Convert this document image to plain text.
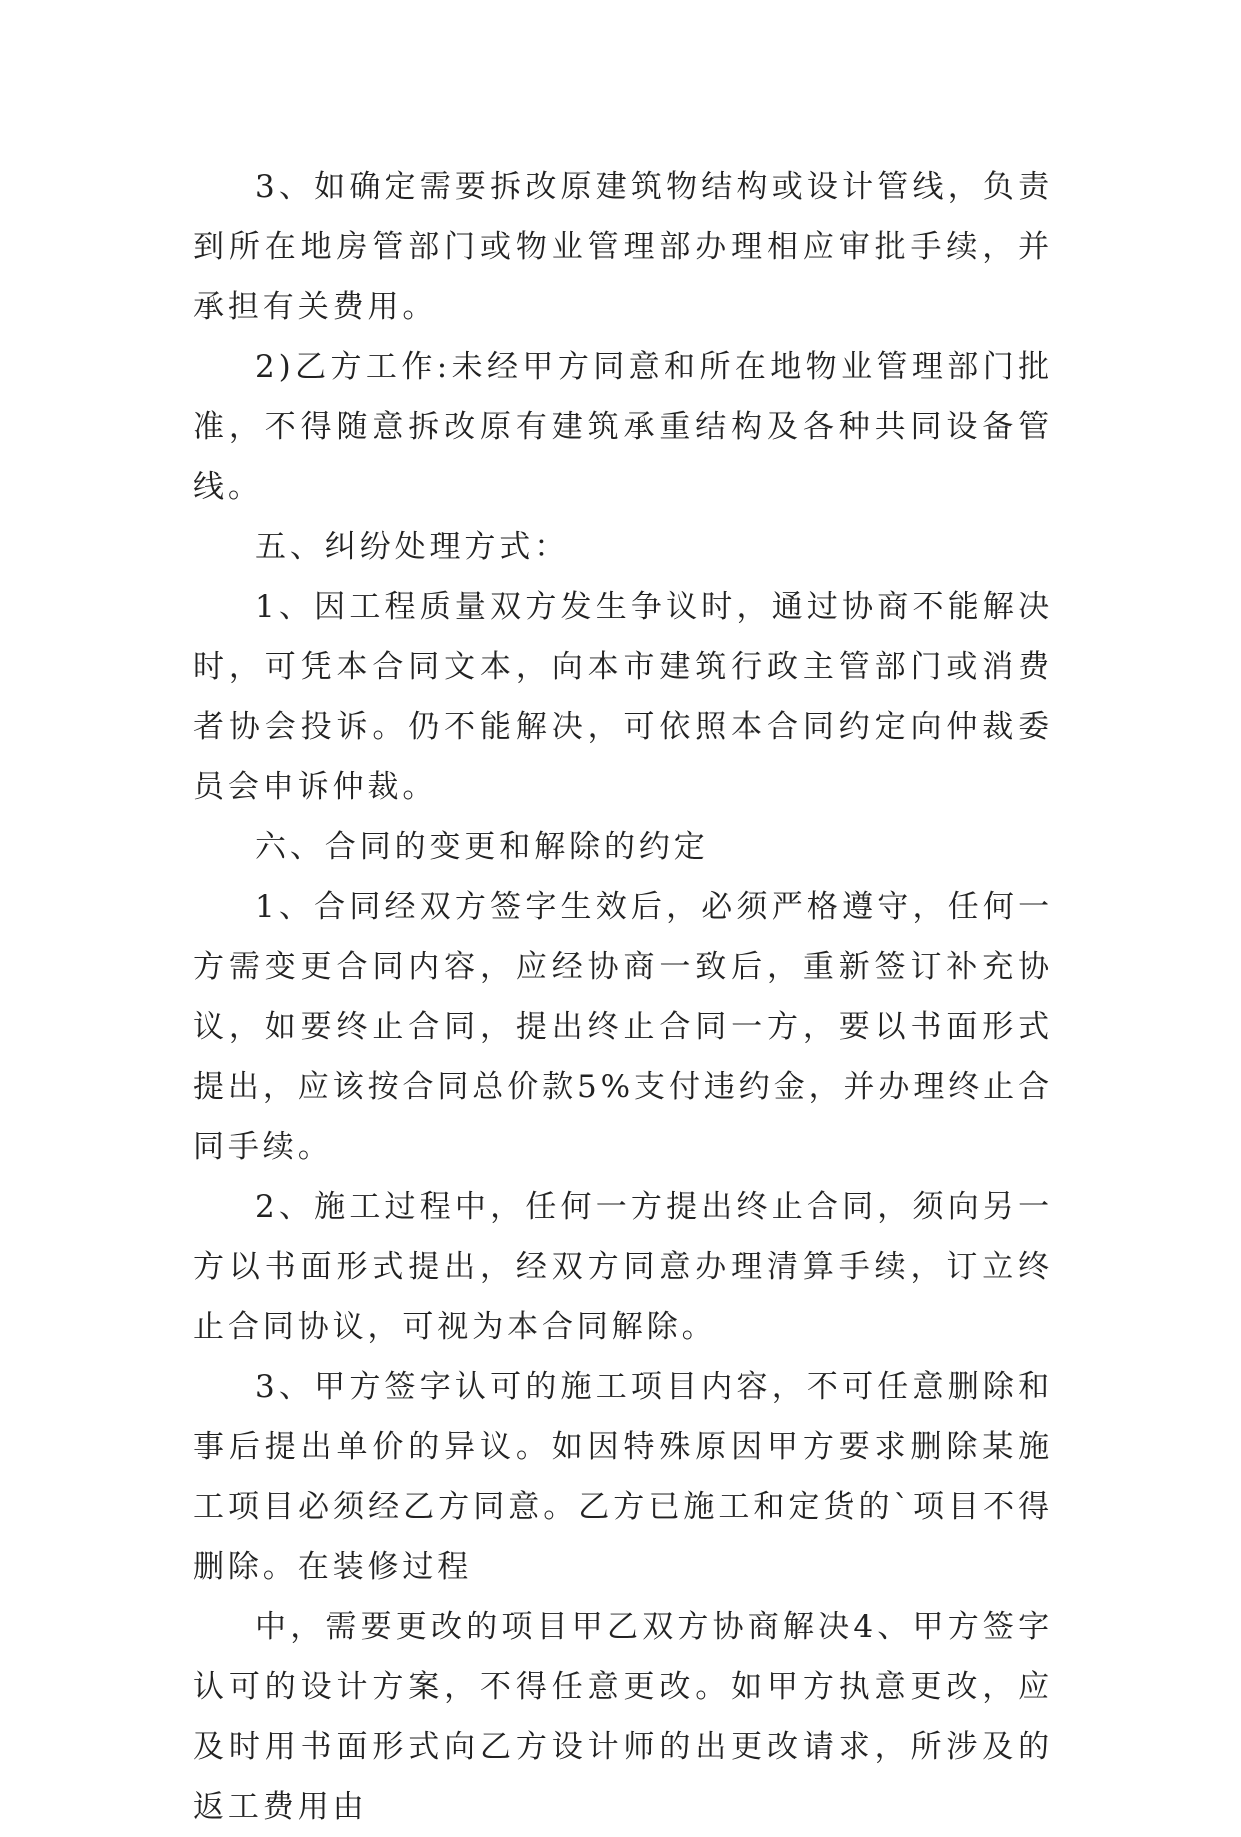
3、如确定需要拆改原建筑物结构或设计管线，负责到所在地房管部门或物业管理部办理相应审批手续，并承担有关费用。

2)乙方工作:未经甲方同意和所在地物业管理部门批准，不得随意拆改原有建筑承重结构及各种共同设备管线。

五、纠纷处理方式：

1、因工程质量双方发生争议时，通过协商不能解决时，可凭本合同文本，向本市建筑行政主管部门或消费者协会投诉。仍不能解决，可依照本合同约定向仲裁委员会申诉仲裁。

六、合同的变更和解除的约定

1、合同经双方签字生效后，必须严格遵守，任何一方需变更合同内容，应经协商一致后，重新签订补充协议，如要终止合同，提出终止合同一方，要以书面形式提出，应该按合同总价款5%支付违约金，并办理终止合同手续。

2、施工过程中，任何一方提出终止合同，须向另一方以书面形式提出，经双方同意办理清算手续，订立终止合同协议，可视为本合同解除。

3、甲方签字认可的施工项目内容，不可任意删除和事后提出单价的异议。如因特殊原因甲方要求删除某施工项目必须经乙方同意。乙方已施工和定货的`项目不得删除。在装修过程

中，需要更改的项目甲乙双方协商解决4、甲方签字认可的设计方案，不得任意更改。如甲方执意更改，应及时用书面形式向乙方设计师的出更改请求，所涉及的返工费用由
